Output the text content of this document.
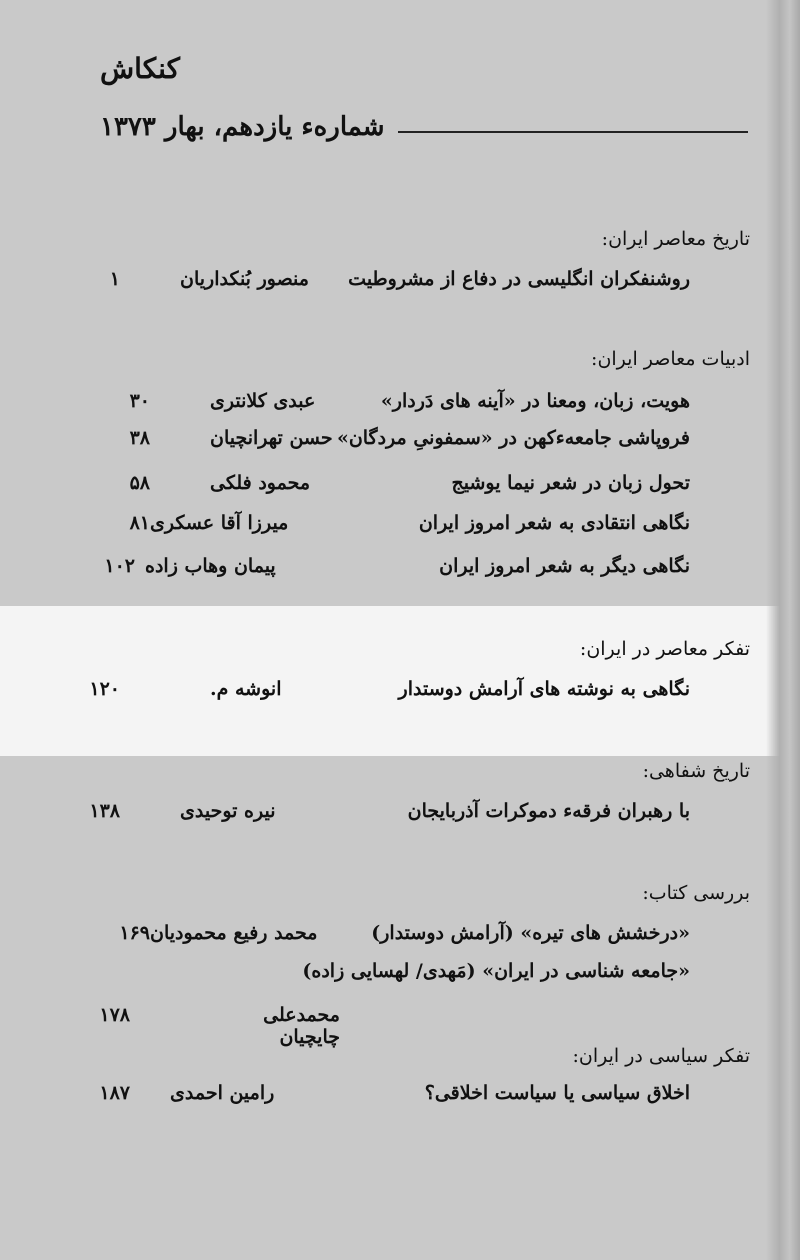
کنکاش
شماره‌ء یازدهم، بهار ۱۳۷۳
تاریخ معاصر ایران:
روشنفکران انگلیسی در دفاع از مشروطیت
منصور بُنکداریان
۱
ادبیات معاصر ایران:
هویت، زبان، ومعنا در «آینه های دَردار»
عبدی کلانتری
۳۰
فروپاشی جامعه‌ءکهن در «سمفونیِ مردگان»
حسن تهرانچیان
۳۸
تحول زبان در شعر نیما یوشیج
محمود فلکی
۵۸
نگاهی انتقادی به شعر امروز ایران
میرزا آقا عسکری
۸۱
نگاهی دیگر به شعر امروز ایران
پیمان وهاب زاده
۱۰۲
تفکر معاصر در ایران:
نگاهی به نوشته های آرامش دوستدار
انوشه م.
۱۲۰
تاریخ شفاهی:
با رهبران فرقه‌ء دموکرات آذربایجان
نیره توحیدی
۱۳۸
بررسی کتاب:
«درخشش های تیره» (آرامش دوستدار)
محمد رفیع محمودیان
۱۶۹
«جامعه شناسی در ایران» (مَهدی/ لهسایی زاده)
محمدعلی چایچیان
۱۷۸
تفکر سیاسی در ایران:
اخلاق سیاسی یا سیاست اخلاقی؟
رامین احمدی
۱۸۷
